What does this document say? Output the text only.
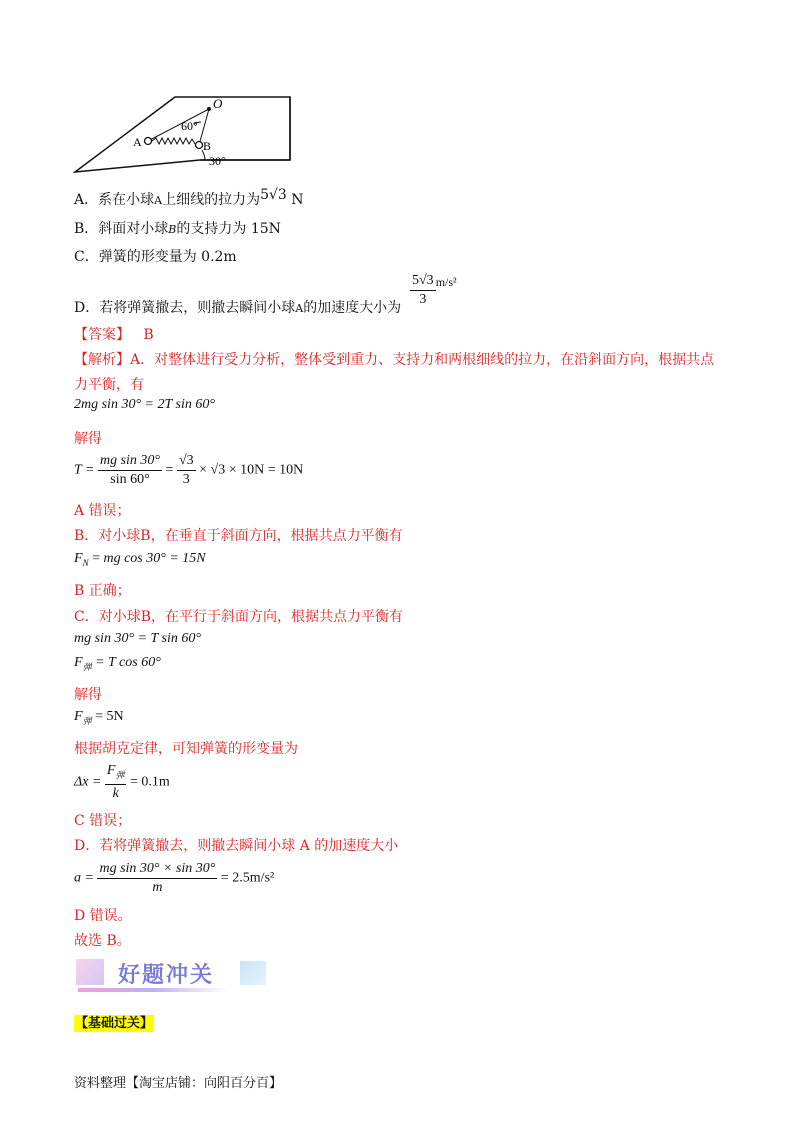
O
A	B
60°
30°
A．系在小球A上细线的拉力为5√3 N
B．斜面对小球B的支持力为 15N
C．弹簧的形变量为 0.2m
D．若将弹簧撤去，则撤去瞬间小球A的加速度大小为 $\frac{5√3}{3} m/s^2$
【答案】 B
【解析】A．对整体进行受力分析，整体受到重力、支持力和两根细线的拉力，在沿斜面方向，根据共点
力平衡，有
2mg sin 30° = 2T sin 60°
解得
$T = \frac{\text{mg sin 30°}}{\sin 60^\circ} = \frac{√3}{3} \times √3 \times 10N = 10N$
A 错误；
B．对小球B，在垂直于斜面方向，根据共点力平衡有
$F_N$ = mg cos 30° = 15N
B 正确；
C．对小球B，在平行于斜面方向，根据共点力平衡有
mg sin 30° = T sin 60°
$F_弹 = T$ cos 60°
解得
$F_弹 = 5N$
根据胡克定律，可知弹簧的形变量为
$\Delta x = \frac{F_弹}{k} = 0.1m$
C 错误；
D．若将弹簧撤去，则撤去瞬间小球 A 的加速度大小
$a = \frac{\text{mg sin 30° × sin 30°}}{m} = 2.5m/s^2$
D 错误。
故选 B。
好题冲关
【基础过关】
资料整理【淘宝店铺：向阳百分百】
